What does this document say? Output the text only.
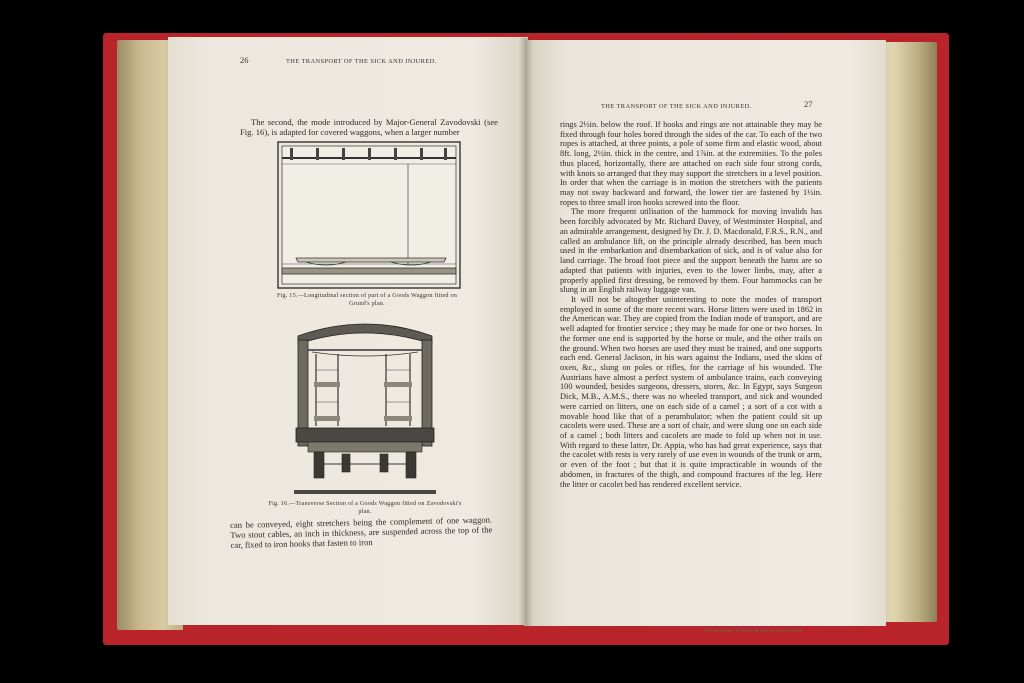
26	THE TRANSPORT OF THE SICK AND INJURED.

The second, the mode introduced by Major-General Zavodovski (see Fig. 16), is adapted for covered waggons, when a larger number

Fig. 15.—Longitudinal section of part of a Goods Waggon fitted on
Grund's plan.
Fig. 16.—Transverse Section of a Goods Waggon fitted on Zavodovski's
plan.

can be conveyed, eight stretchers being the complement of one waggon. Two stout cables, an inch in thickness, are suspended across the top of the car, fixed to iron hooks that fasten to iron

THE TRANSPORT OF THE SICK AND INJURED.	27

rings 2½in. below the roof. If hooks and rings are not attainable they may be fixed through four holes bored through the sides of the car. To each of the two ropes is attached, at three points, a pole of some firm and elastic wood, about 8ft. long, 2½in. thick in the centre, and 1⅞in. at the extremities. To the poles thus placed, horizontally, there are attached on each side four strong cords, with knots so arranged that they may support the stretchers in a level position. In order that when the carriage is in motion the stretchers with the patients may not sway backward and forward, the lower tier are fastened by 1½in. ropes to three small iron hooks screwed into the floor.

The more frequent utilisation of the hammock for moving invalids has been forcibly advocated by Mr. Richard Davey, of Westminster Hospital, and an admirable arrangement, designed by Dr. J. D. Macdonald, F.R.S., R.N., and called an ambulance lift, on the principle already described, has been much used in the embarkation and disembarkation of sick, and is of value also for land carriage. The broad foot piece and the support beneath the hams are so adapted that patients with injuries, even to the lower limbs, may, after a properly applied first dressing, be removed by them. Four hammocks can be slung in an English railway luggage van.

It will not be altogether uninteresting to note the modes of transport employed in some of the more recent wars. Horse litters were used in 1862 in the American war. They are copied from the Indian mode of transport, and are well adapted for frontier service ; they may be made for one or two horses. In the former one end is supported by the horse or mule, and the other trails on the ground. When two horses are used they must be trained, and one supports each end. General Jackson, in his wars against the Indians, used the skins of oxen, &c., slung on poles or rifles, for the carriage of his wounded. The Austrians have almost a perfect system of ambulance trains, each conveying 100 wounded, besides surgeons, dressers, stores, &c. In Egypt, says Surgeon Dick, M.B., A.M.S., there was no wheeled transport, and sick and wounded were carried on litters, one on each side of a camel ; a sort of a cot with a movable hood like that of a perambulator; when the patient could sit up cacolets were used. These are a sort of chair, and were slung one on each side of a camel ; both litters and cacolets are made to fold up when not in use. With regard to these latter, Dr. Appia, who has had great experience, says that the cacolet with rests is very rarely of use even in wounds of the trunk or arm, or even of the foot ; but that it is quite impracticable in wounds of the abdomen, in fractures of the thigh, and compound fractures of the leg. Here the litter or cacolet bed has rendered excellent service.

...the stretcher of known and of great value
